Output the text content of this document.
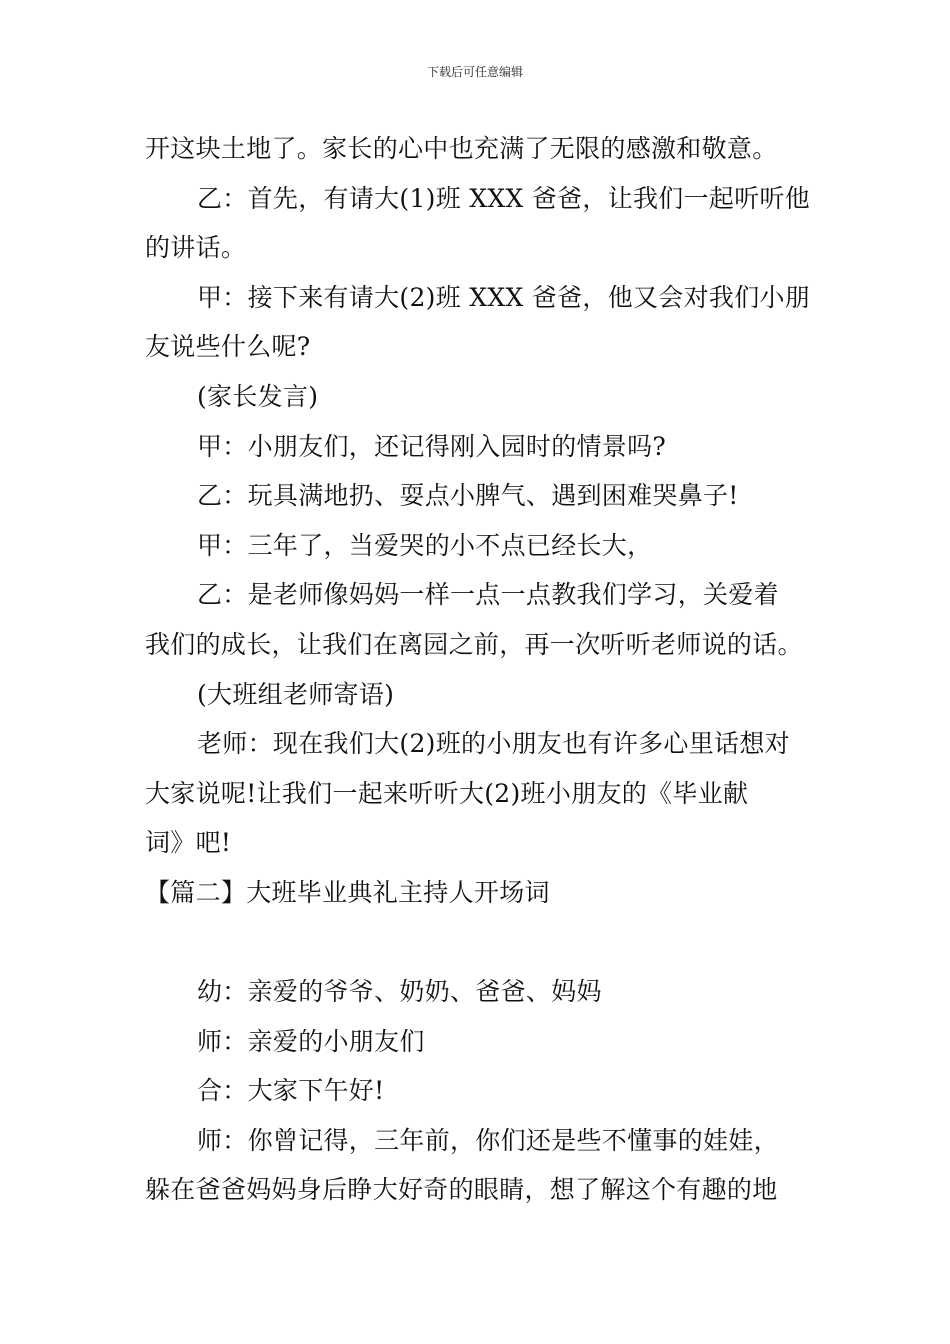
下载后可任意编辑
开这块土地了。家长的心中也充满了无限的感激和敬意。
乙：首先，有请大(1)班 XXX 爸爸，让我们一起听听他
的讲话。
甲：接下来有请大(2)班 XXX 爸爸，他又会对我们小朋
友说些什么呢?
(家长发言)
甲：小朋友们，还记得刚入园时的情景吗?
乙：玩具满地扔、耍点小脾气、遇到困难哭鼻子!
甲：三年了，当爱哭的小不点已经长大，
乙：是老师像妈妈一样一点一点教我们学习，关爱着
我们的成长，让我们在离园之前，再一次听听老师说的话。
(大班组老师寄语)
老师：现在我们大(2)班的小朋友也有许多心里话想对
大家说呢!让我们一起来听听大(2)班小朋友的《毕业献
词》吧!
【篇二】大班毕业典礼主持人开场词
幼：亲爱的爷爷、奶奶、爸爸、妈妈
师：亲爱的小朋友们
合：大家下午好!
师：你曾记得，三年前，你们还是些不懂事的娃娃，
躲在爸爸妈妈身后睁大好奇的眼睛，想了解这个有趣的地
